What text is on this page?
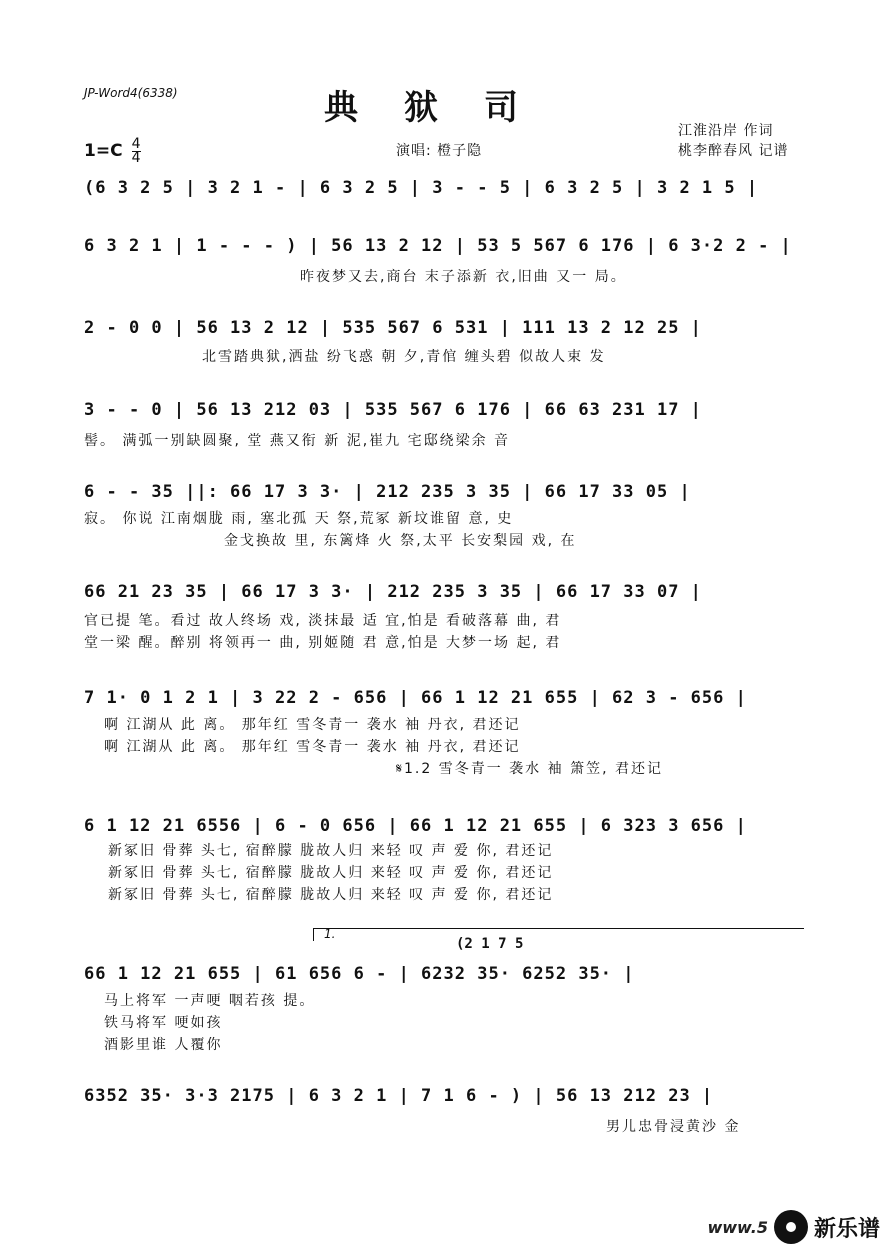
JP-Word4(6338)	典狱司
$1=C \frac{4}{4}$	演唱: 橙子隐
江淮沿岸 作词
桃李醉春风 记谱
(6 3 2 5 | 3 2 1 - | 6 3 2 5 | 3 - - 5 | 6 3 2 5 | 3 2 1 5 |
6 3 2 1 | 1 - - - ) | 56 13 2 12 | 53 5 567 6 176 | 6 3·2 2 - |
昨夜梦又去,商台 末子添新 衣,旧曲 又一 局。
2 - 0 0 | 56 13 2 12 | 535 567 6 531 | 111 13 2 12 25 |
北雪踏典狱,洒盐 纷飞惑 朝 夕,青倌 缠头碧 似故人束 发
3 - - 0 | 56 13 212 03 | 535 567 6 176 | 66 63 231 17 |
髻。 满弧一别缺圆聚, 堂 燕又衔 新 泥,崔九 宅邸绕梁余 音
6 - - 35 ||: 66 17 3 3· | 212 235 3 35 | 66 17 33 05 |
寂。 你说 江南烟胧 雨, 塞北孤 天 祭,荒冢 新坟谁留 意, 史
金戈换故 里, 东篱烽 火 祭,太平 长安梨园 戏, 在
66 21 23 35 | 66 17 3 3· | 212 235 3 35 | 66 17 33 07 |
官已提 笔。看过 故人终场 戏, 淡抹最 适 宜,怕是 看破落幕 曲, 君
堂一梁 醒。醉别 将领再一 曲, 别姬随 君 意,怕是 大梦一场 起, 君
7 1· 0 1 2 1 | 3 22 2 - 656 | 66 1 12 21 655 | 62 3 - 656 |
啊 江湖从 此 离。 那年红 雪冬青一 袭水 袖 丹衣, 君还记
啊 江湖从 此 离。 那年红 雪冬青一 袭水 袖 丹衣, 君还记
𝄋1.2 雪冬青一 袭水 袖 箫笠, 君还记
6 1 12 21 6556 | 6 - 0 656 | 66 1 12 21 655 | 6 323 3 656 |
新冢旧 骨葬 头七, 宿醉朦 胧故人归 来轻 叹 声 爱 你, 君还记
新冢旧 骨葬 头七, 宿醉朦 胧故人归 来轻 叹 声 爱 你, 君还记
新冢旧 骨葬 头七, 宿醉朦 胧故人归 来轻 叹 声 爱 你, 君还记
1.
(2 1 7 5
66 1 12 21 655 | 61 656 6 - | 6232 35· 6252 35· |
马上将军 一声哽 咽若孩 提。
铁马将军 哽如孩
酒影里谁 人覆你
6352 35· 3·3 2175 | 6 3 2 1 | 7 1 6 - ) | 56 13 212 23 |
男儿忠骨浸黄沙 金
www.5 新乐谱
